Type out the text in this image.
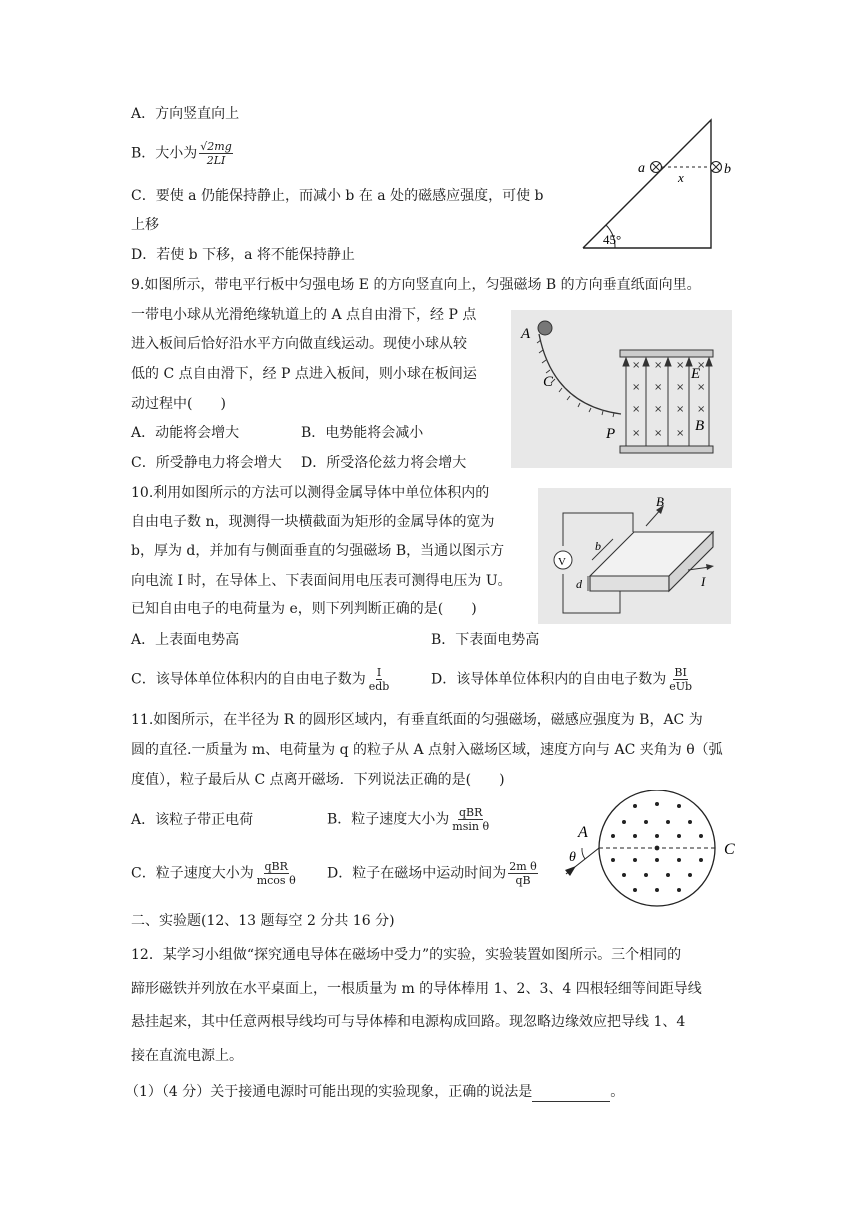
A．方向竖直向上
B．大小为 $\frac{√2mg}{2LI}$
C．要使 a 仍能保持静止，而减小 b 在 a 处的磁感应强度，可使 b
上移
D．若使 b 下移，a 将不能保持静止
45°
a	b
x
9.如图所示，带电平行板中匀强电场 E 的方向竖直向上，匀强磁场 B 的方向垂直纸面向里。
一带电小球从光滑绝缘轨道上的 A 点自由滑下，经 P 点
进入板间后恰好沿水平方向做直线运动。现使小球从较
低的 C 点自由滑下，经 P 点进入板间，则小球在板间运
动过程中(　　)
A．动能将会增大	B．电势能将会减小
C．所受静电力将会增大 D．所受洛伦兹力将会增大
A
C
P
× × × ×
× × × ×
× × × ×
× × ×
E
B
10.利用如图所示的方法可以测得金属导体中单位体积内的
自由电子数 n，现测得一块横截面为矩形的金属导体的宽为
b，厚为 d，并加有与侧面垂直的匀强磁场 B，当通以图示方
向电流 I 时，在导体上、下表面间用电压表可测得电压为 U。
已知自由电子的电荷量为 e，则下列判断正确的是(　　)
A．上表面电势高	B．下表面电势高
C．该导体单位体积内的自由电子数为 $\frac{I}{\text{edb}}$	D．该导体单位体积内的自由电子数为 $\frac{BI}{\text{eUb}}$
V
b
d
B
I
11.如图所示，在半径为 R 的圆形区域内，有垂直纸面的匀强磁场，磁感应强度为 B，AC 为
圆的直径.一质量为 m、电荷量为 q 的粒子从 A 点射入磁场区域，速度方向与 AC 夹角为 θ（弧
度值），粒子最后从 C 点离开磁场．下列说法正确的是(　　)
A．该粒子带正电荷	B．粒子速度大小为 $\frac{\text{qBR}}{\text{msin θ}}$
C．粒子速度大小为 $\frac{\text{qBR}}{\text{mcos θ}}$ D．粒子在磁场中运动时间为 $\frac{\text{2m θ}}{qB}$
A
θ	C
二、实验题(12、13 题每空 2 分共 16 分)
12．某学习小组做“探究通电导体在磁场中受力”的实验，实验装置如图所示。三个相同的
蹄形磁铁并列放在水平桌面上，一根质量为 m 的导体棒用 1、2、3、4 四根轻细等间距导线
悬挂起来，其中任意两根导线均可与导体棒和电源构成回路。现忽略边缘效应把导线 1、4
接在直流电源上。
（1）（4 分）关于接通电源时可能出现的实验现象，正确的说法是	。
